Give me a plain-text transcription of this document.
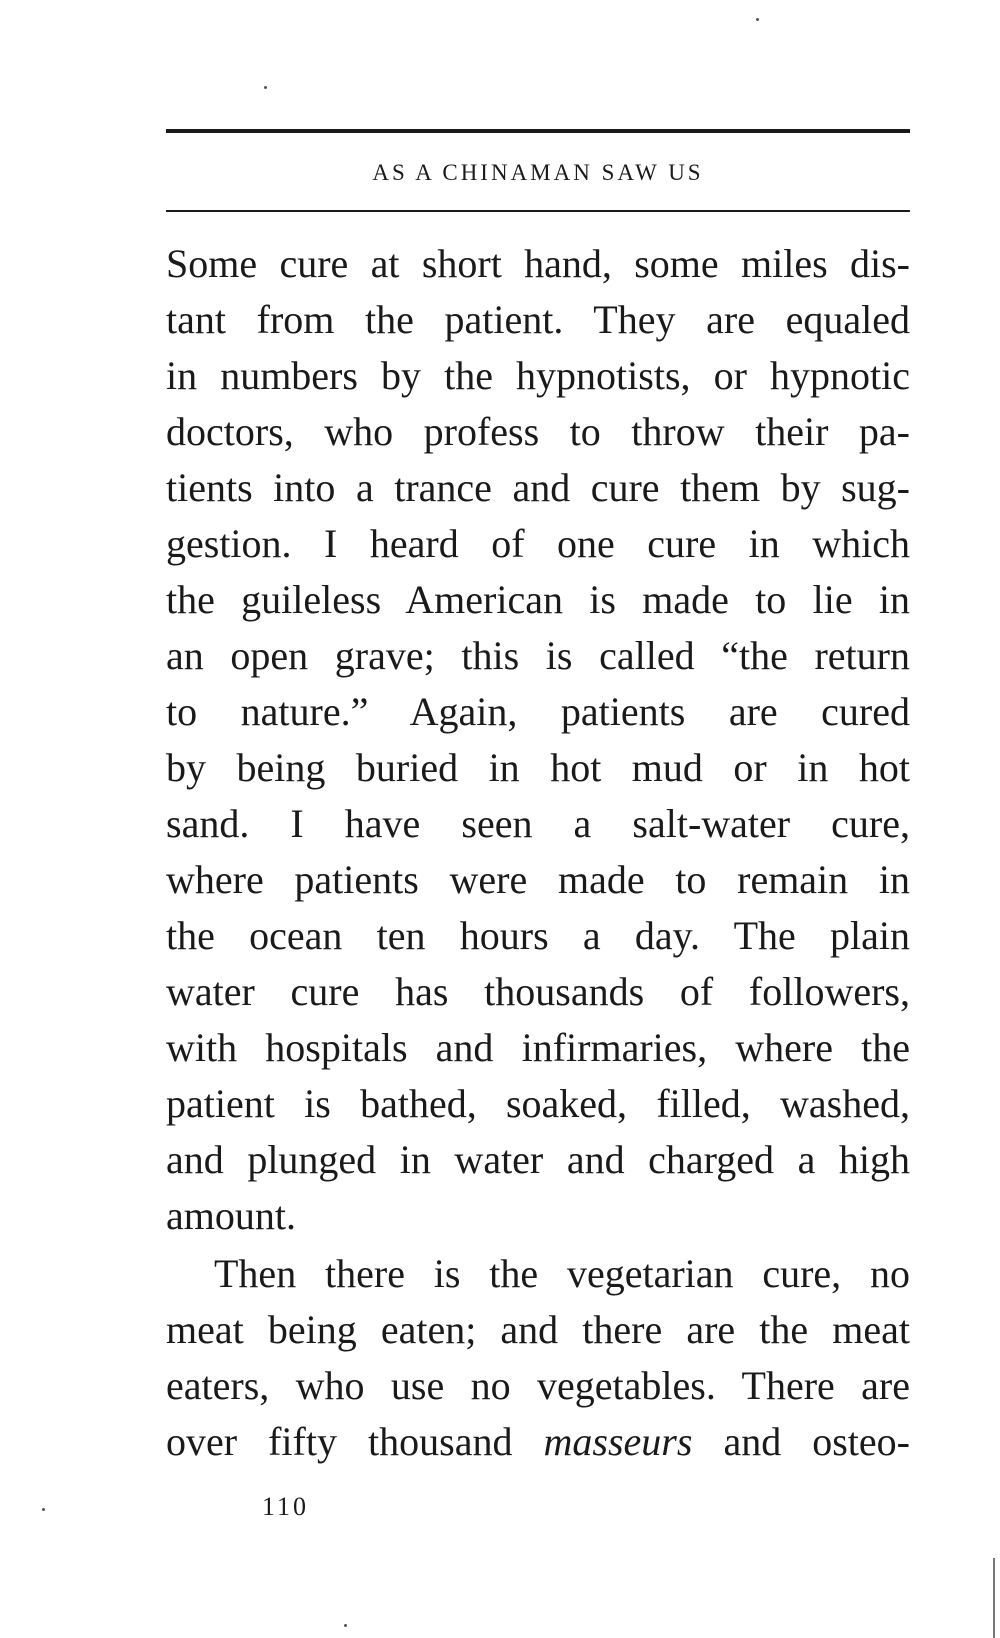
AS A CHINAMAN SAW US
Some cure at short hand, some miles dis-
tant from the patient. They are equaled
in numbers by the hypnotists, or hypnotic
doctors, who profess to throw their pa-
tients into a trance and cure them by sug-
gestion. I heard of one cure in which
the guileless American is made to lie in
an open grave; this is called “the return
to nature.” Again, patients are cured
by being buried in hot mud or in hot
sand. I have seen a salt-water cure,
where patients were made to remain in
the ocean ten hours a day. The plain
water cure has thousands of followers,
with hospitals and infirmaries, where the
patient is bathed, soaked, filled, washed,
and plunged in water and charged a high
amount.
Then there is the vegetarian cure, no
meat being eaten; and there are the meat
eaters, who use no vegetables. There are
over fifty thousand masseurs and osteo-
110
